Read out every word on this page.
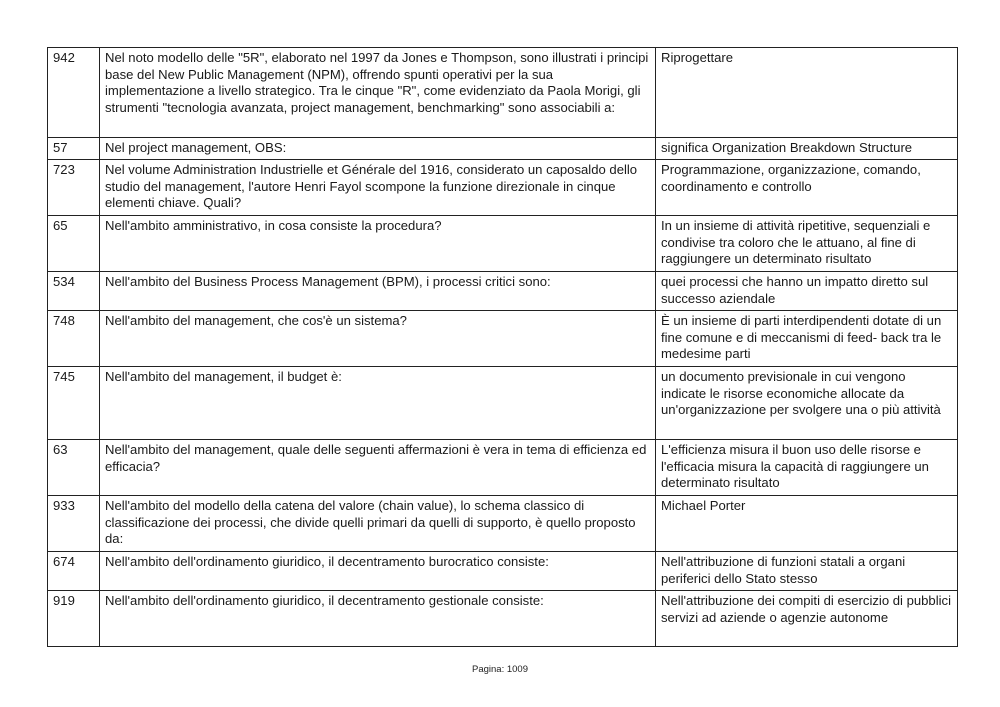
942	Nel noto modello delle "5R", elaborato nel 1997 da Jones e Thompson, sono illustrati i principi base del New Public Management (NPM), offrendo spunti operativi per la sua implementazione a livello strategico. Tra le cinque "R", come evidenziato da Paola Morigi, gli strumenti "tecnologia avanzata, project management, benchmarking" sono associabili a:	Riprogettare
57	Nel project management, OBS:	significa Organization Breakdown Structure
723	Nel volume Administration Industrielle et Générale del 1916, considerato un caposaldo dello studio del management, l'autore Henri Fayol scompone la funzione direzionale in cinque elementi chiave. Quali?	Programmazione, organizzazione, comando, coordinamento e controllo
65	Nell'ambito amministrativo, in cosa consiste la procedura?	In un insieme di attività ripetitive, sequenziali e condivise tra coloro che le attuano, al fine di raggiungere un determinato risultato
534	Nell'ambito del Business Process Management (BPM), i processi critici sono:	quei processi che hanno un impatto diretto sul successo aziendale
748	Nell'ambito del management, che cos'è un sistema?	È un insieme di parti interdipendenti dotate di un fine comune e di meccanismi di feed- back tra le medesime parti
745	Nell'ambito del management, il budget è:	un documento previsionale in cui vengono indicate le risorse economiche allocate da un'organizzazione per svolgere una o più attività
63	Nell'ambito del management, quale delle seguenti affermazioni è vera in tema di efficienza ed efficacia?	L'efficienza misura il buon uso delle risorse e l'efficacia misura la capacità di raggiungere un determinato risultato
933	Nell'ambito del modello della catena del valore (chain value), lo schema classico di classificazione dei processi, che divide quelli primari da quelli di supporto, è quello proposto da:	Michael Porter
674	Nell'ambito dell'ordinamento giuridico, il decentramento burocratico consiste:	Nell'attribuzione di funzioni statali a organi periferici dello Stato stesso
919	Nell'ambito dell'ordinamento giuridico, il decentramento gestionale consiste:	Nell'attribuzione dei compiti di esercizio di pubblici servizi ad aziende o agenzie autonome
Pagina: 1009
